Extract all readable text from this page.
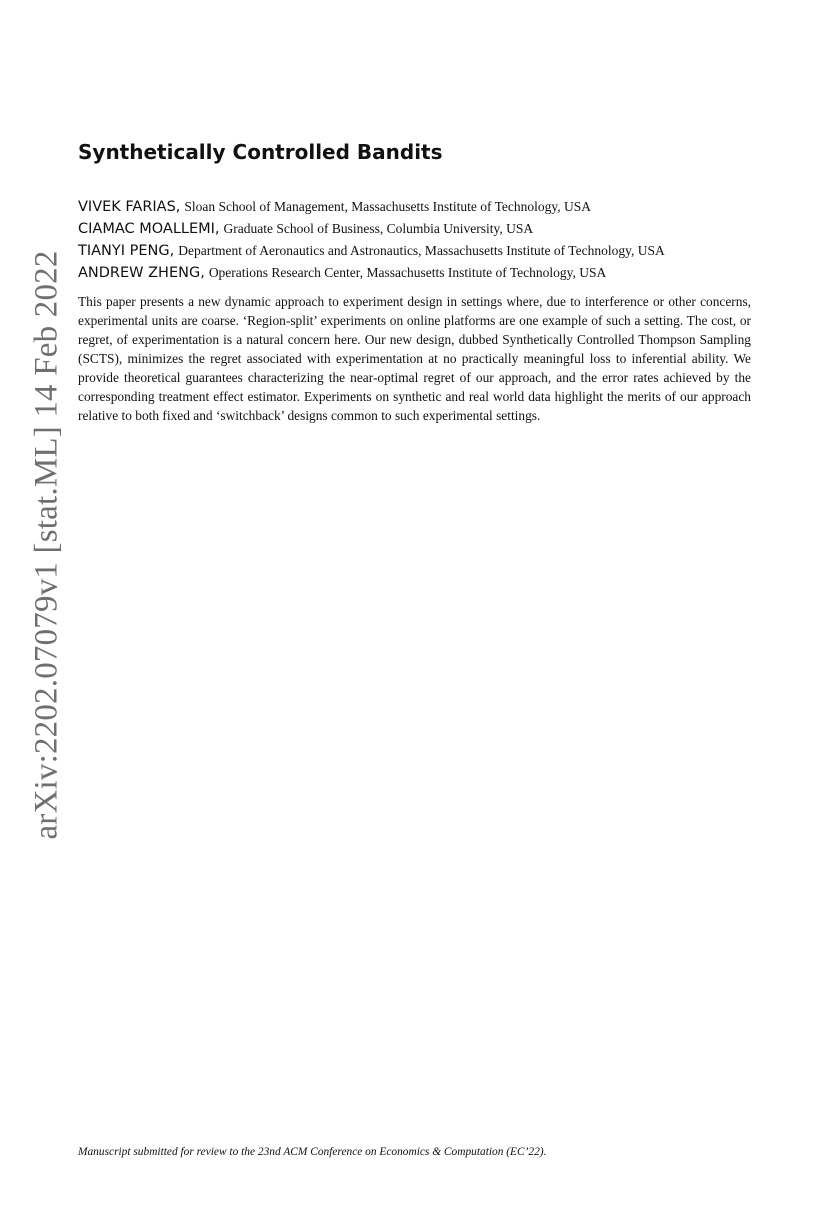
arXiv:2202.07079v1 [stat.ML] 14 Feb 2022
Synthetically Controlled Bandits
VIVEK FARIAS, Sloan School of Management, Massachusetts Institute of Technology, USA
CIAMAC MOALLEMI, Graduate School of Business, Columbia University, USA
TIANYI PENG, Department of Aeronautics and Astronautics, Massachusetts Institute of Technology, USA
ANDREW ZHENG, Operations Research Center, Massachusetts Institute of Technology, USA

This paper presents a new dynamic approach to experiment design in settings where, due to interference or other concerns, experimental units are coarse. ‘Region-split’ experiments on online platforms are one example of such a setting. The cost, or regret, of experimentation is a natural concern here. Our new design, dubbed Synthetically Controlled Thompson Sampling (SCTS), minimizes the regret associated with experimentation at no practically meaningful loss to inferential ability. We provide theoretical guarantees characterizing the near-optimal regret of our approach, and the error rates achieved by the corresponding treatment effect estimator. Experiments on synthetic and real world data highlight the merits of our approach relative to both fixed and ‘switchback’ designs common to such experimental settings.

Manuscript submitted for review to the 23nd ACM Conference on Economics & Computation (EC’22).
